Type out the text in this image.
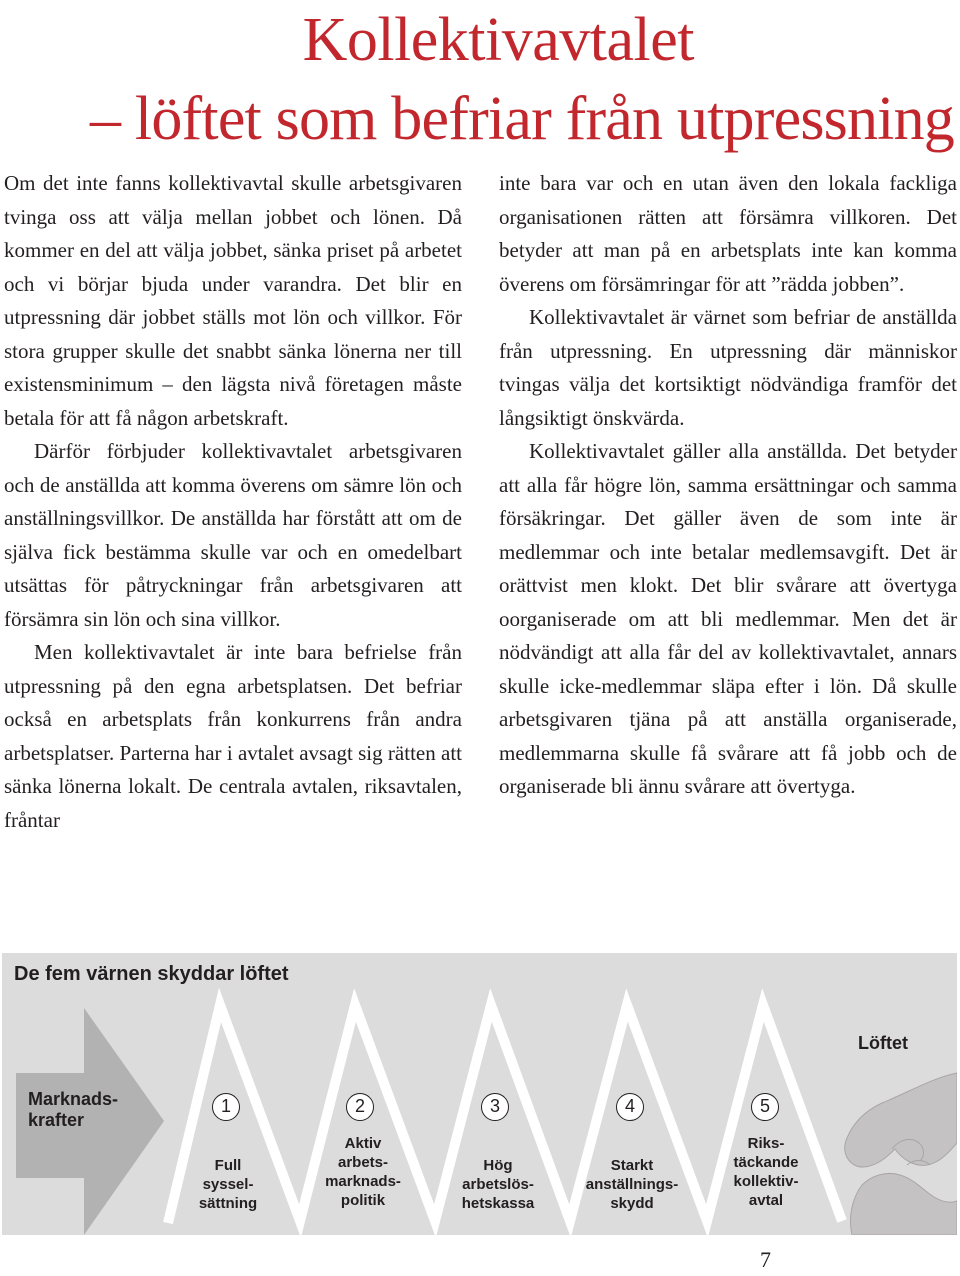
Kollektivavtalet
– löftet som befriar från utpressning

Om det inte fanns kollektivavtal skulle arbetsgivaren tvinga oss att välja mellan jobbet och lönen. Då kommer en del att välja jobbet, sänka priset på arbetet och vi börjar bjuda under varandra. Det blir en utpressning där jobbet ställs mot lön och villkor. För stora grupper skulle det snabbt sänka lönerna ner till existensminimum – den lägsta nivå företagen måste betala för att få någon arbetskraft.

Därför förbjuder kollektivavtalet arbetsgivaren och de anställda att komma överens om sämre lön och anställningsvillkor. De anställda har förstått att om de själva fick bestämma skulle var och en omedelbart utsättas för påtryckningar från arbetsgivaren att försämra sin lön och sina villkor.

Men kollektivavtalet är inte bara befrielse från utpressning på den egna arbetsplatsen. Det befriar också en arbetsplats från konkurrens från andra arbetsplatser. Parterna har i avtalet avsagt sig rätten att sänka lönerna lokalt. De centrala avtalen, riksavtalen, fråntar

inte bara var och en utan även den lokala fackliga organisationen rätten att försämra villkoren. Det betyder att man på en arbetsplats inte kan komma överens om försämringar för att ”rädda jobben”.

Kollektivavtalet är värnet som befriar de anställda från utpressning. En utpressning där människor tvingas välja det kortsiktigt nödvändiga framför det långsiktigt önskvärda.

Kollektivavtalet gäller alla anställda. Det betyder att alla får högre lön, samma ersättningar och samma försäkringar. Det gäller även de som inte är medlemmar och inte betalar medlemsavgift. Det är orättvist men klokt. Det blir svårare att övertyga oorganiserade om att bli medlemmar. Men det är nödvändigt att alla får del av kollektivavtalet, annars skulle icke-medlemmar släpa efter i lön. Då skulle arbetsgivaren tjäna på att anställa organiserade, medlemmarna skulle få svårare att få jobb och de organiserade bli ännu svårare att övertyga.

De fem värnen skyddar löftet
Marknads-
krafter
Löftet
1	2	3	4	5
Full
syssel-
sättning
Aktiv
arbets-
marknads-
politik
Hög
arbetslös-
hetskassa
Starkt
anställnings-
skydd
Riks-
täckande
kollektiv-
avtal
7
